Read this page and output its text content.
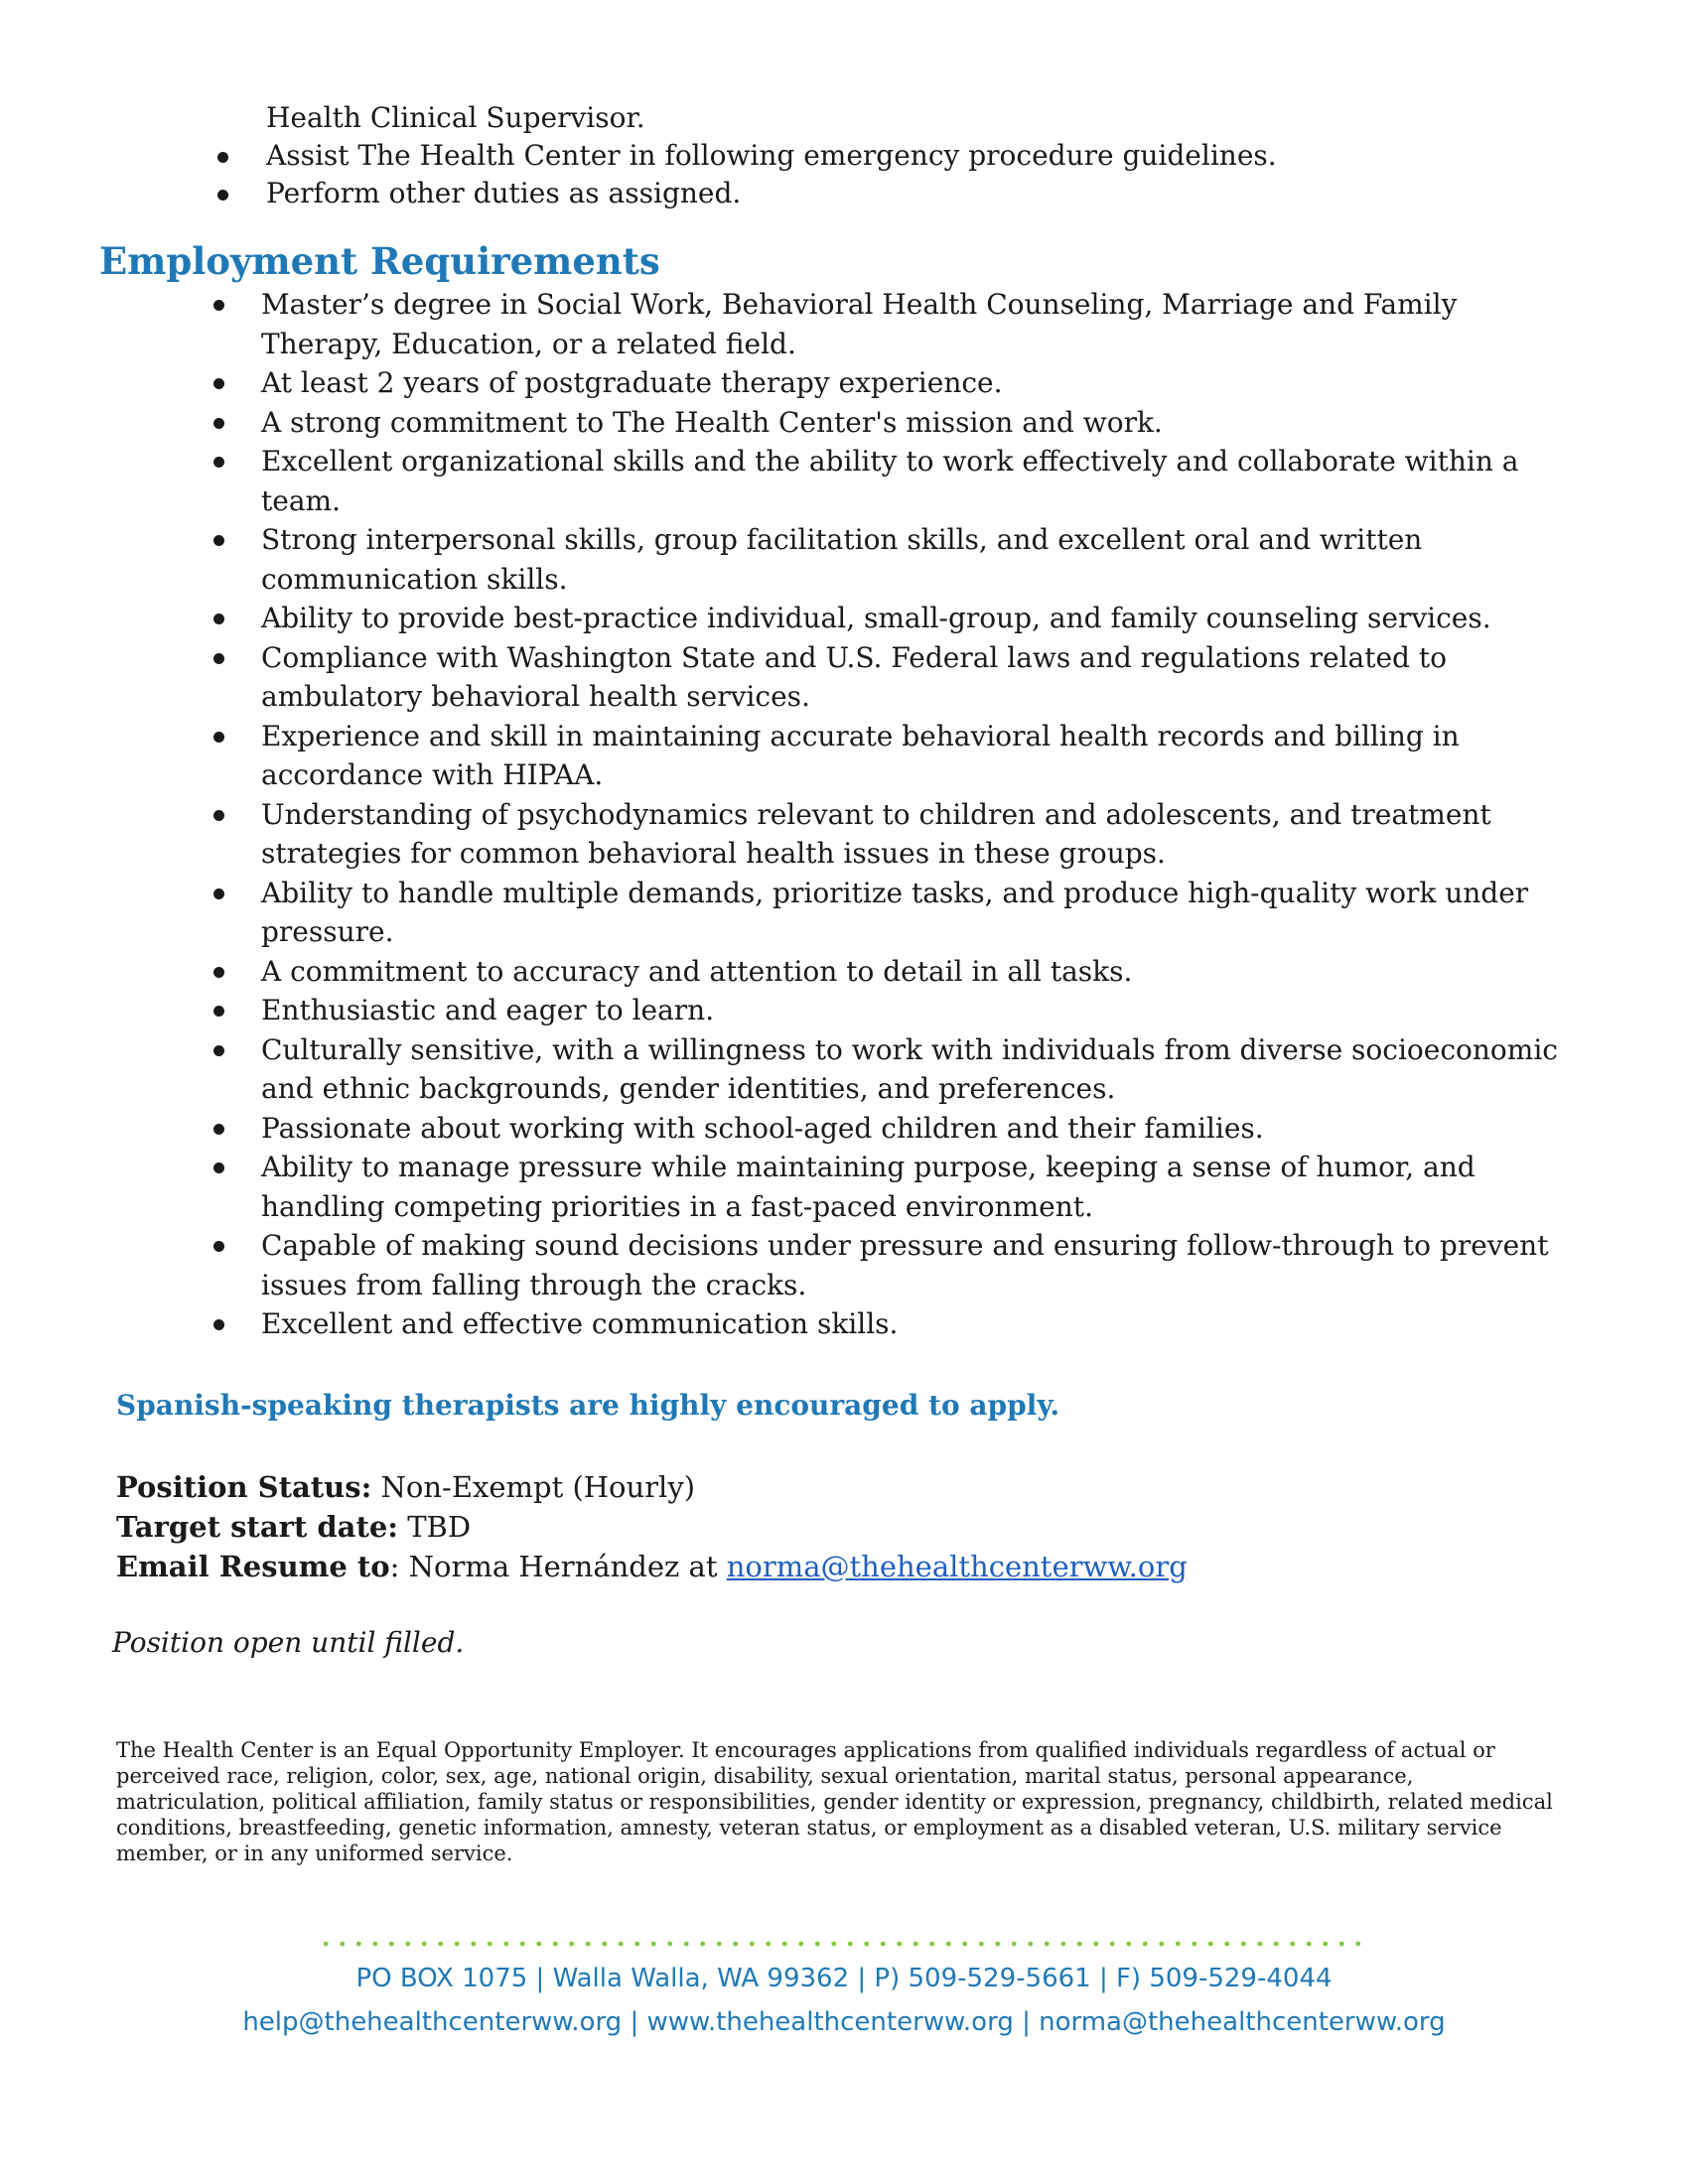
Health Clinical Supervisor.
Assist The Health Center in following emergency procedure guidelines.
Perform other duties as assigned.
Employment Requirements
Master’s degree in Social Work, Behavioral Health Counseling, Marriage and Family Therapy, Education, or a related field.
At least 2 years of postgraduate therapy experience.
A strong commitment to The Health Center's mission and work.
Excellent organizational skills and the ability to work effectively and collaborate within a team.
Strong interpersonal skills, group facilitation skills, and excellent oral and written communication skills.
Ability to provide best-practice individual, small-group, and family counseling services.
Compliance with Washington State and U.S. Federal laws and regulations related to ambulatory behavioral health services.
Experience and skill in maintaining accurate behavioral health records and billing in accordance with HIPAA.
Understanding of psychodynamics relevant to children and adolescents, and treatment strategies for common behavioral health issues in these groups.
Ability to handle multiple demands, prioritize tasks, and produce high-quality work under pressure.
A commitment to accuracy and attention to detail in all tasks.
Enthusiastic and eager to learn.
Culturally sensitive, with a willingness to work with individuals from diverse socioeconomic and ethnic backgrounds, gender identities, and preferences.
Passionate about working with school-aged children and their families.
Ability to manage pressure while maintaining purpose, keeping a sense of humor, and handling competing priorities in a fast-paced environment.
Capable of making sound decisions under pressure and ensuring follow-through to prevent issues from falling through the cracks.
Excellent and effective communication skills.

Spanish-speaking therapists are highly encouraged to apply.

Position Status: Non-Exempt (Hourly)
Target start date: TBD
Email Resume to: Norma Hernández at norma@thehealthcenterww.org

Position open until filled.

The Health Center is an Equal Opportunity Employer. It encourages applications from qualified individuals regardless of actual or perceived race, religion, color, sex, age, national origin, disability, sexual orientation, marital status, personal appearance, matriculation, political affiliation, family status or responsibilities, gender identity or expression, pregnancy, childbirth, related medical conditions, breastfeeding, genetic information, amnesty, veteran status, or employment as a disabled veteran, U.S. military service member, or in any uniformed service.

PO BOX 1075 | Walla Walla, WA 99362 | P) 509-529-5661 | F) 509-529-4044
help@thehealthcenterww.org | www.thehealthcenterww.org | norma@thehealthcenterww.org
